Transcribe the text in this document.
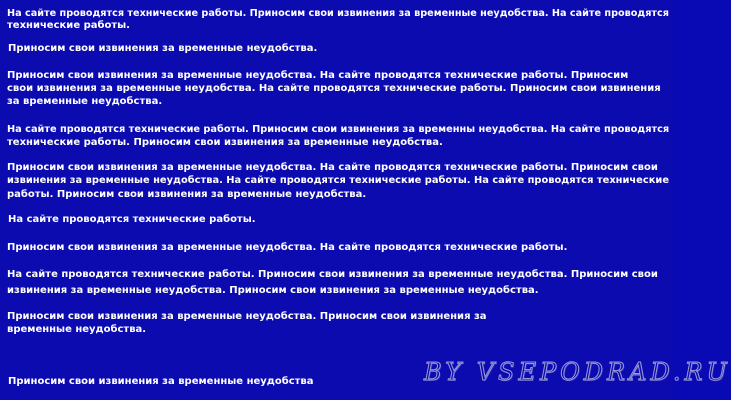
На сайте проводятся технические работы. Приносим свои извинения за временные неудобства. На сайте проводятся
технические работы.
Приносим свои извинения за временные неудобства.
Приносим свои извинения за временные неудобства. На сайте проводятся технические работы. Приносим
свои извинения за временные неудобства. На сайте проводятся технические работы. Приносим свои извинения
за временные неудобства.
На сайте проводятся технические работы. Приносим свои извинения за временны неудобства. На сайте проводятся
технические работы. Приносим свои извинения за временные неудобства.
Приносим свои извинения за временные неудобства. На сайте проводятся технические работы. Приносим свои
извинения за временные неудобства. На сайте проводятся технические работы. На сайте проводятся технические
работы. Приносим свои извинения за временные неудобства.
На сайте проводятся технические работы.
Приносим свои извинения за временные неудобства. На сайте проводятся технические работы.
На сайте проводятся технические работы. Приносим свои извинения за временные неудобства. Приносим свои
извинения за временные неудобства. Приносим свои извинения за временные неудобства.
Приносим свои извинения за временные неудобства. Приносим свои извинения за
временные неудобства.
Приносим свои извинения за временные неудобства	BY VSEPODRAD.RU
